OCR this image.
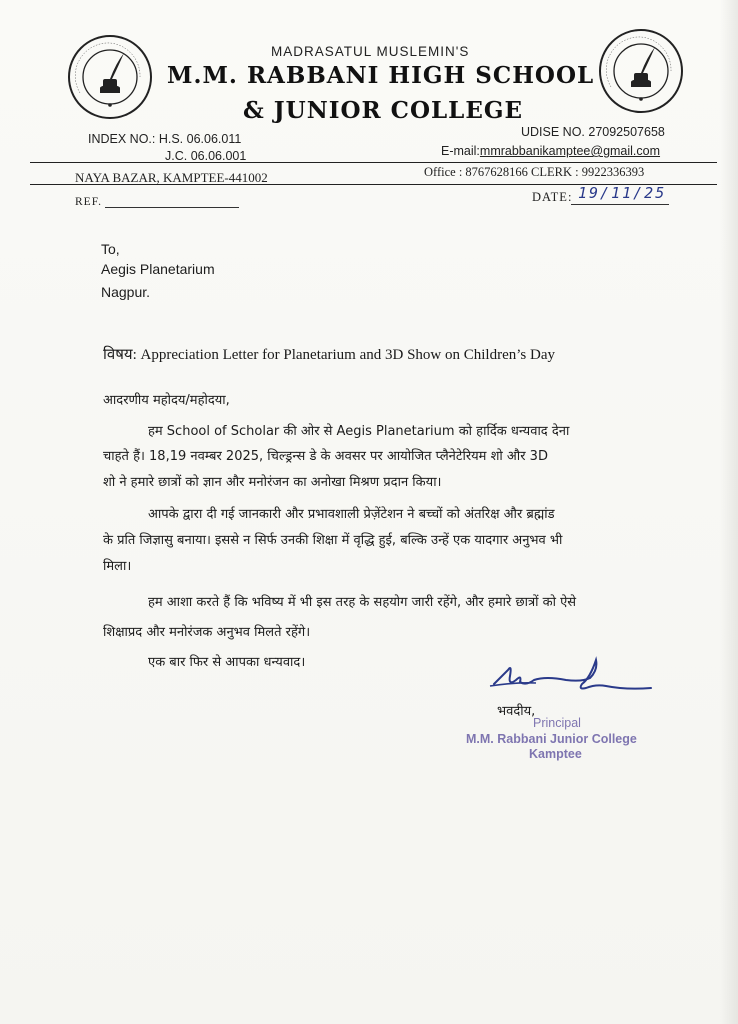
MADRASATUL MUSLEMIN'S
M.M. RABBANI HIGH SCHOOL
& JUNIOR COLLEGE
INDEX NO.: H.S. 06.06.011
J.C. 06.06.001
UDISE NO. 27092507658
E-mail:mmrabbanikamptee@gmail.com
NAYA BAZAR, KAMPTEE-441002	Office : 8767628166 CLERK : 9922336393
REF.	DATE: 19/11/25
To,
Aegis Planetarium
Nagpur.
विषय: Appreciation Letter for Planetarium and 3D Show on Children’s Day
आदरणीय महोदय/महोदया,
हम School of Scholar की ओर से Aegis Planetarium को हार्दिक धन्यवाद देना
चाहते हैं। 18,19 नवम्बर 2025, चिल्ड्रन्स डे के अवसर पर आयोजित प्लैनेटेरियम शो और 3D
शो ने हमारे छात्रों को ज्ञान और मनोरंजन का अनोखा मिश्रण प्रदान किया।
आपके द्वारा दी गई जानकारी और प्रभावशाली प्रेज़ेंटेशन ने बच्चों को अंतरिक्ष और ब्रह्मांड
के प्रति जिज्ञासु बनाया। इससे न सिर्फ उनकी शिक्षा में वृद्धि हुई, बल्कि उन्हें एक यादगार अनुभव भी
मिला।
हम आशा करते हैं कि भविष्य में भी इस तरह के सहयोग जारी रहेंगे, और हमारे छात्रों को ऐसे
शिक्षाप्रद और मनोरंजक अनुभव मिलते रहेंगे।
एक बार फिर से आपका धन्यवाद।
भवदीय,
Principal
M.M. Rabbani Junior College
Kamptee
